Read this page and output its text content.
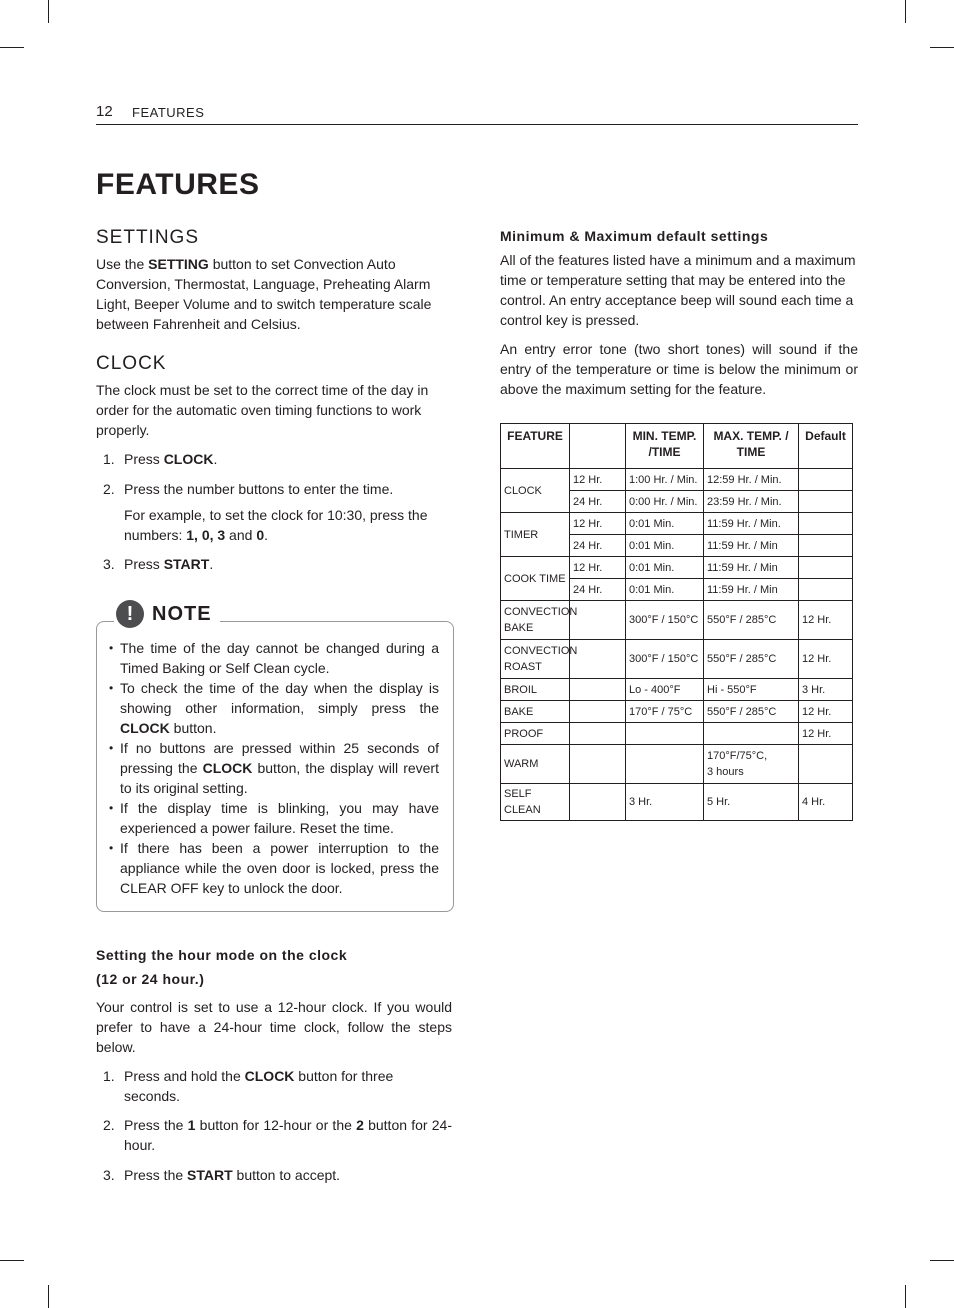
12 FEATURES
FEATURES
SETTINGS

Use the SETTING button to set Convection Auto Conversion, Thermostat, Language, Preheating Alarm Light, Beeper Volume and to switch temperature scale between Fahrenheit and Celsius.

CLOCK

The clock must be set to the correct time of the day in order for the automatic oven timing functions to work properly.

1. Press CLOCK.
2. Press the number buttons to enter the time.
For example, to set the clock for 10:30, press the numbers: 1, 0, 3 and 0.
3. Press START.
• The time of the day cannot be changed during a Timed Baking or Self Clean cycle.
• To check the time of the day when the display is showing other information, simply press the CLOCK button.
• If no buttons are pressed within 25 seconds of pressing the CLOCK button, the display will revert to its original setting.
• If the display time is blinking, you may have experienced a power failure. Reset the time.
• If there has been a power interruption to the appliance while the oven door is locked, press the CLEAR OFF key to unlock the door.
! NOTE
Setting the hour mode on the clock
(12 or 24 hour.)

Your control is set to use a 12-hour clock. If you would prefer to have a 24-hour time clock, follow the steps below.

1. Press and hold the CLOCK button for three seconds.
2. Press the 1 button for 12-hour or the 2 button for 24-hour.
3. Press the START button to accept.
Minimum & Maximum default settings

All of the features listed have a minimum and a maximum time or temperature setting that may be entered into the control. An entry acceptance beep will sound each time a control key is pressed.

An entry error tone (two short tones) will sound if the entry of the temperature or time is below the minimum or above the maximum setting for the feature.

FEATURE		MIN. TEMP. /TIME	MAX. TEMP. / TIME	Default
CLOCK	12 Hr.	1:00 Hr. / Min.	12:59 Hr. / Min.	
	24 Hr.	0:00 Hr. / Min.	23:59 Hr. / Min.	
TIMER	12 Hr.	0:01 Min.	11:59 Hr. / Min.	
	24 Hr.	0:01 Min.	11:59 Hr. / Min	
COOK TIME	12 Hr.	0:01 Min.	11:59 Hr. / Min	
	24 Hr.	0:01 Min.	11:59 Hr. / Min	
CONVECTION BAKE		300°F / 150°C	550°F / 285°C	12 Hr.
CONVECTION ROAST		300°F / 150°C	550°F / 285°C	12 Hr.
BROIL		Lo - 400°F	Hi - 550°F	3 Hr.
BAKE		170°F / 75°C	550°F / 285°C	12 Hr.
PROOF				12 Hr.
WARM			170°F/75°C,
3 hours	
SELF CLEAN		3 Hr.	5 Hr.	4 Hr.
